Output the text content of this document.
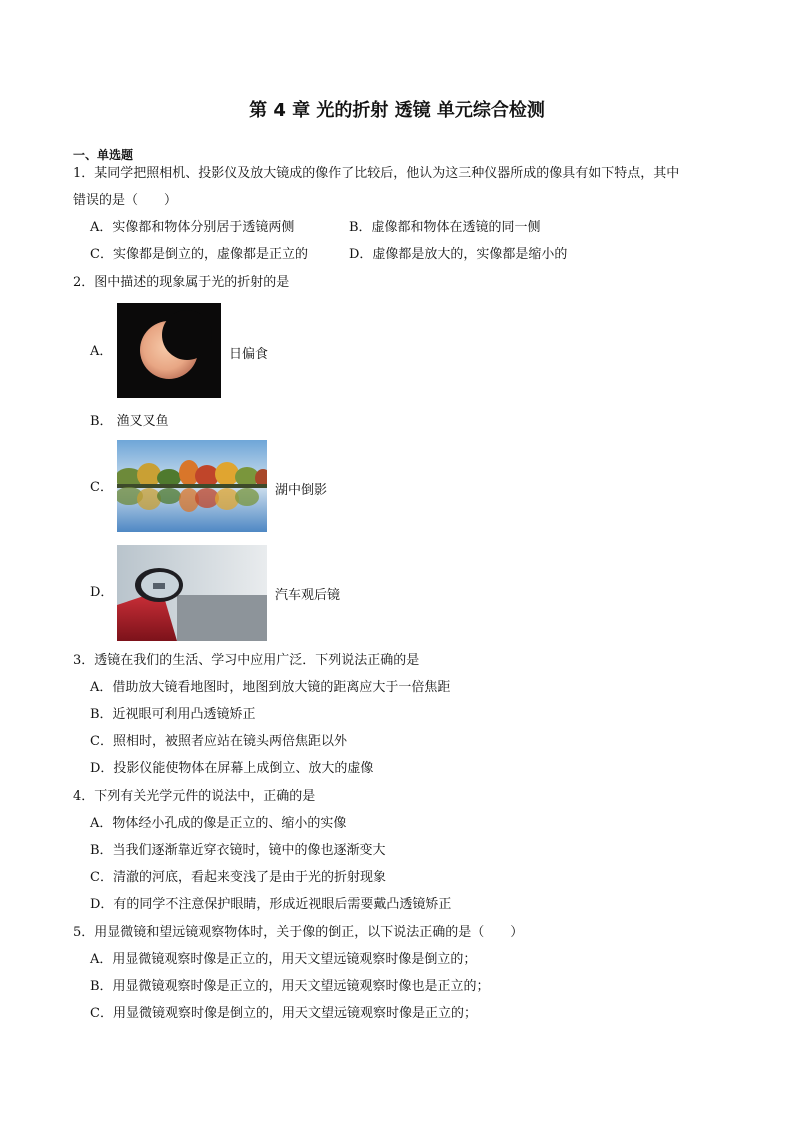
第 4 章 光的折射 透镜 单元综合检测
一、单选题
1．某同学把照相机、投影仪及放大镜成的像作了比较后，他认为这三种仪器所成的像具有如下特点，其中
错误的是（　　）
A．实像都和物体分别居于透镜两侧	B．虚像都和物体在透镜的同一侧
C．实像都是倒立的，虚像都是正立的	D．虚像都是放大的，实像都是缩小的
2．图中描述的现象属于光的折射的是
A．	日偏食
B． 渔叉叉鱼
C．	湖中倒影
D．	汽车观后镜
3．透镜在我们的生活、学习中应用广泛．下列说法正确的是
A．借助放大镜看地图时，地图到放大镜的距离应大于一倍焦距
B．近视眼可利用凸透镜矫正
C．照相时，被照者应站在镜头两倍焦距以外
D．投影仪能使物体在屏幕上成倒立、放大的虚像
4．下列有关光学元件的说法中，正确的是
A．物体经小孔成的像是正立的、缩小的实像
B．当我们逐渐靠近穿衣镜时，镜中的像也逐渐变大
C．清澈的河底，看起来变浅了是由于光的折射现象
D．有的同学不注意保护眼睛，形成近视眼后需要戴凸透镜矫正
5．用显微镜和望远镜观察物体时，关于像的倒正，以下说法正确的是（　　）
A．用显微镜观察时像是正立的，用天文望远镜观察时像是倒立的；
B．用显微镜观察时像是正立的，用天文望远镜观察时像也是正立的；
C．用显微镜观察时像是倒立的，用天文望远镜观察时像是正立的；
